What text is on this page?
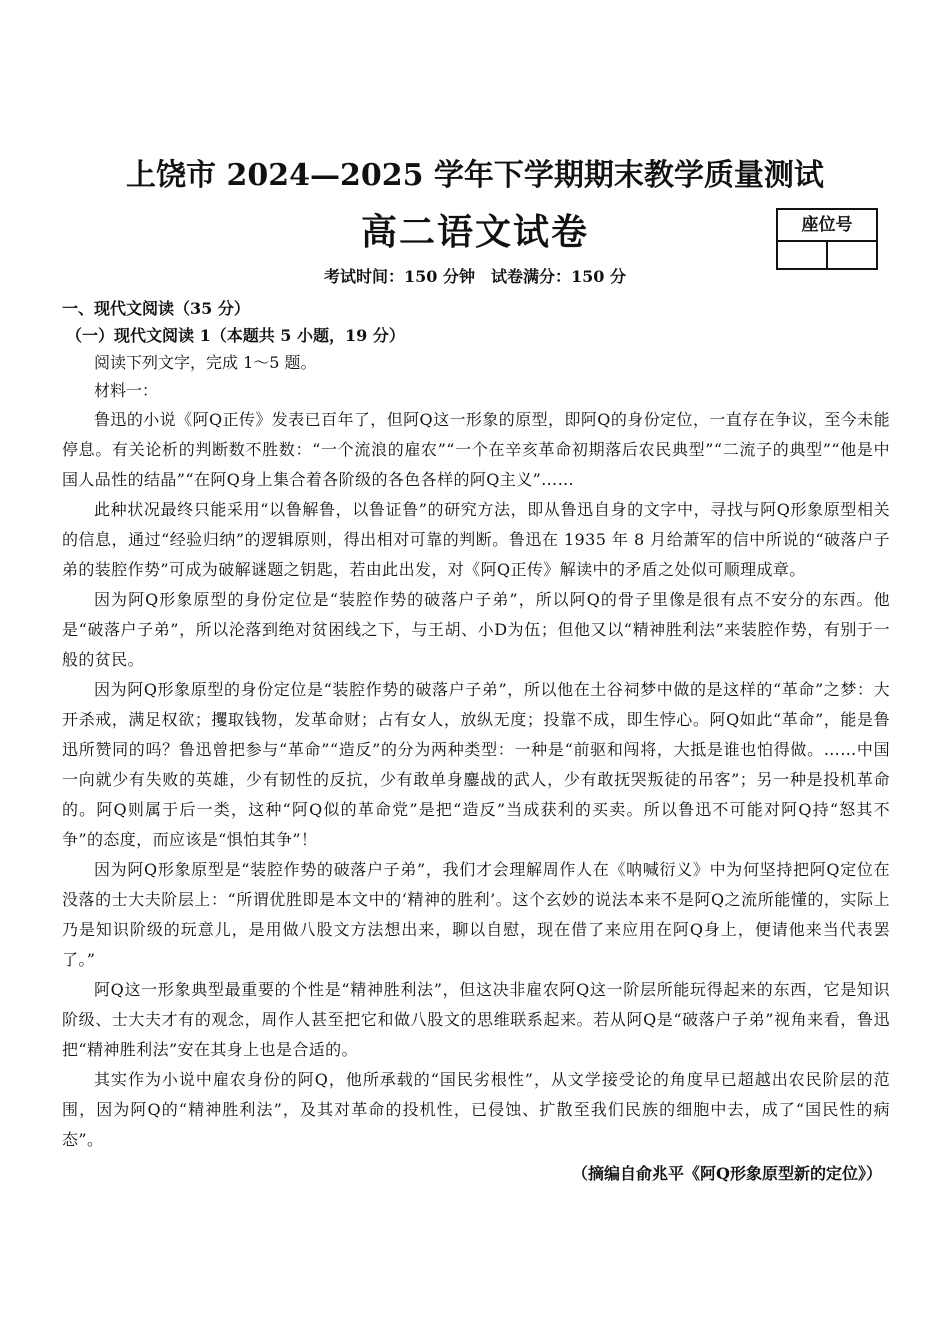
上饶市 2024—2025 学年下学期期末教学质量测试
高二语文试卷	座位号
考试时间：150 分钟　试卷满分：150 分

一、现代文阅读（35 分）

（一）现代文阅读 1（本题共 5 小题，19 分）

阅读下列文字，完成 1～5 题。

材料一：

鲁迅的小说《阿Q正传》发表已百年了，但阿Q这一形象的原型，即阿Q的身份定位，一直存在争议，至今未能停息。有关论析的判断数不胜数：“一个流浪的雇农”“一个在辛亥革命初期落后农民典型”“二流子的典型”“他是中国人品性的结晶”“在阿Q身上集合着各阶级的各色各样的阿Q主义”……

此种状况最终只能采用“以鲁解鲁，以鲁证鲁”的研究方法，即从鲁迅自身的文字中，寻找与阿Q形象原型相关的信息，通过“经验归纳”的逻辑原则，得出相对可靠的判断。鲁迅在 1935 年 8 月给萧军的信中所说的“破落户子弟的装腔作势”可成为破解谜题之钥匙，若由此出发，对《阿Q正传》解读中的矛盾之处似可顺理成章。

因为阿Q形象原型的身份定位是“装腔作势的破落户子弟”，所以阿Q的骨子里像是很有点不安分的东西。他是“破落户子弟”，所以沦落到绝对贫困线之下，与王胡、小D为伍；但他又以“精神胜利法”来装腔作势，有别于一般的贫民。

因为阿Q形象原型的身份定位是“装腔作势的破落户子弟”，所以他在土谷祠梦中做的是这样的“革命”之梦：大开杀戒，满足权欲；攫取钱物，发革命财；占有女人，放纵无度；投靠不成，即生悖心。阿Q如此“革命”，能是鲁迅所赞同的吗？鲁迅曾把参与“革命”“造反”的分为两种类型：一种是“前驱和闯将，大抵是谁也怕得做。……中国一向就少有失败的英雄，少有韧性的反抗，少有敢单身鏖战的武人，少有敢抚哭叛徒的吊客”；另一种是投机革命的。阿Q则属于后一类，这种“阿Q似的革命党”是把“造反”当成获利的买卖。所以鲁迅不可能对阿Q持“怒其不争”的态度，而应该是“惧怕其争”！

因为阿Q形象原型是“装腔作势的破落户子弟”，我们才会理解周作人在《呐喊衍义》中为何坚持把阿Q定位在没落的士大夫阶层上：“所谓优胜即是本文中的‘精神的胜利’。这个玄妙的说法本来不是阿Q之流所能懂的，实际上乃是知识阶级的玩意儿，是用做八股文方法想出来，聊以自慰，现在借了来应用在阿Q身上，便请他来当代表罢了。”

阿Q这一形象典型最重要的个性是“精神胜利法”，但这决非雇农阿Q这一阶层所能玩得起来的东西，它是知识阶级、士大夫才有的观念，周作人甚至把它和做八股文的思维联系起来。若从阿Q是“破落户子弟”视角来看，鲁迅把“精神胜利法”安在其身上也是合适的。

其实作为小说中雇农身份的阿Q，他所承载的“国民劣根性”，从文学接受论的角度早已超越出农民阶层的范围，因为阿Q的“精神胜利法”，及其对革命的投机性，已侵蚀、扩散至我们民族的细胞中去，成了“国民性的病态”。

（摘编自俞兆平《阿Q形象原型新的定位》）
